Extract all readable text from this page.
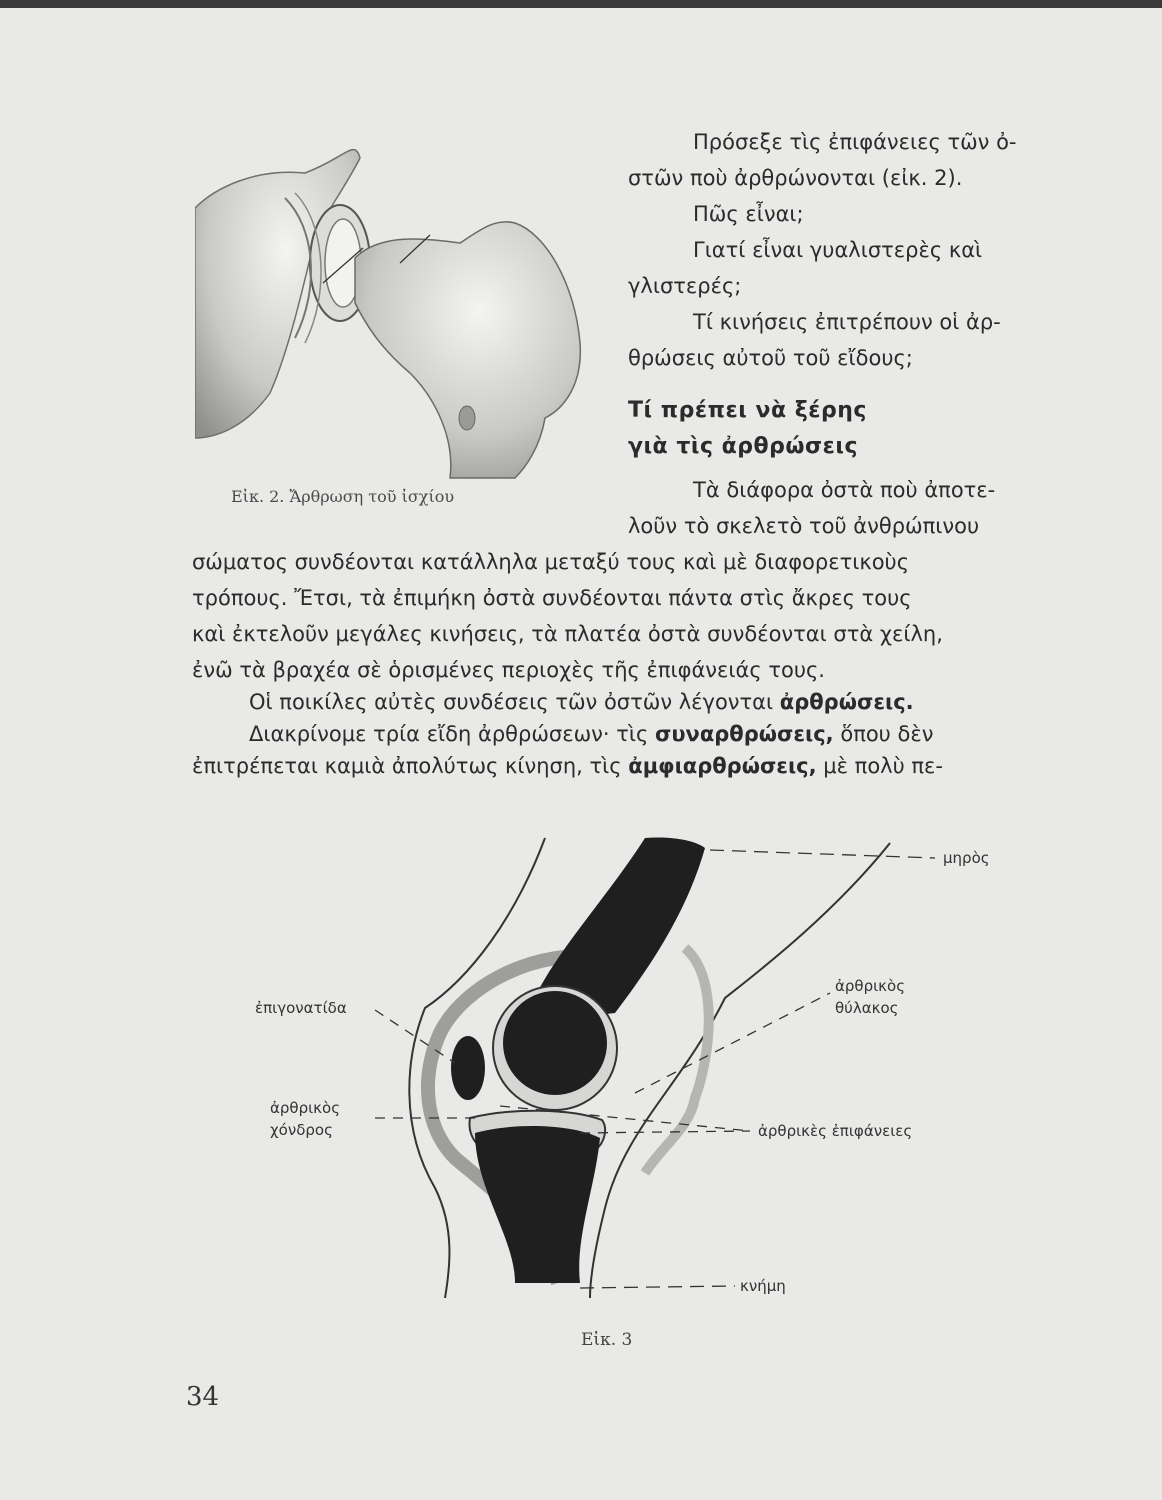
Εἰκ. 2. Ἄρθρωση τοῦ ἰσχίου
Πρόσεξε τὶς ἐπιφάνειες τῶν ὀ-
στῶν ποὺ ἀρθρώνονται (εἰκ. 2).
Πῶς εἶναι;
Γιατί εἶναι γυαλιστερὲς καὶ
γλιστερές;
Τί κινήσεις ἐπιτρέπουν οἱ ἀρ-
θρώσεις αὐτοῦ τοῦ εἴδους;
Τί πρέπει νὰ ξέρης
γιὰ τὶς ἀρθρώσεις
Τὰ διάφορα ὀστὰ ποὺ ἀποτε-
λοῦν τὸ σκελετὸ τοῦ ἀνθρώπινου
σώματος συνδέονται κατάλληλα μεταξύ τους καὶ μὲ διαφορετικοὺς
τρόπους. Ἔτσι, τὰ ἐπιμήκη ὀστὰ συνδέονται πάντα στὶς ἄκρες τους
καὶ ἐκτελοῦν μεγάλες κινήσεις, τὰ πλατέα ὀστὰ συνδέονται στὰ χείλη,
ἐνῶ τὰ βραχέα σὲ ὁρισμένες περιοχὲς τῆς ἐπιφάνειάς τους.
Οἱ ποικίλες αὐτὲς συνδέσεις τῶν ὀστῶν λέγονται ἀρθρώσεις.
Διακρίνομε τρία εἴδη ἀρθρώσεων· τὶς συναρθρώσεις, ὅπου δὲν
ἐπιτρέπεται καμιὰ ἀπολύτως κίνηση, τὶς ἀμφιαρθρώσεις, μὲ πολὺ πε-
μηρὸς
ἀρθρικὸς
θύλακος
ἐπιγονατίδα
ἀρθρικὸς
χόνδρος	ἀρθρικὲς ἐπιφάνειες
κνήμη
Εἰκ. 3
34
